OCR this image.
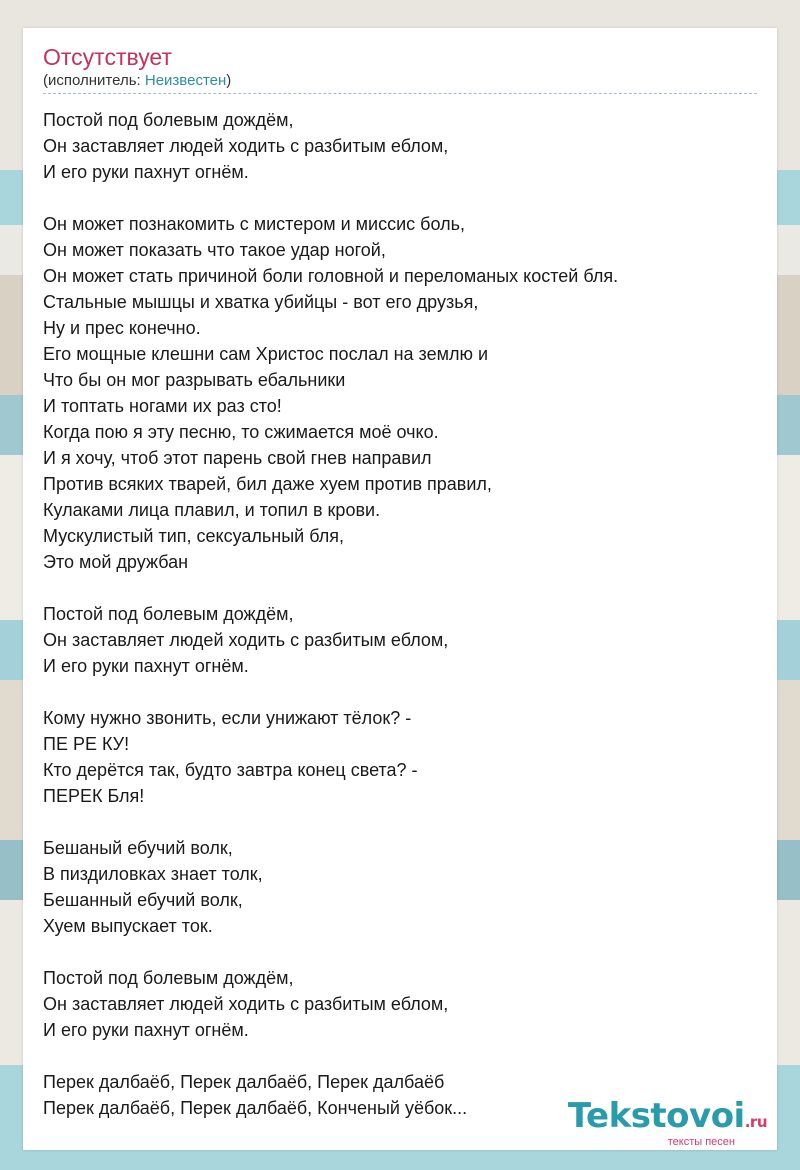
Отсутствует
(исполнитель: Неизвестен)
Постой под болевым дождём,
Он заставляет людей ходить с разбитым еблом,
И его руки пахнут огнём.
Он может познакомить с мистером и миссис боль,
Он может показать что такое удар ногой,
Он может стать причиной боли головной и переломаных костей бля.
Стальные мышцы и хватка убийцы - вот его друзья,
Ну и прес конечно.
Его мощные клешни сам Христос послал на землю и
Что бы он мог разрывать ебальники
И топтать ногами их раз сто!
Когда пою я эту песню, то сжимается моё очко.
И я хочу, чтоб этот парень свой гнев направил
Против всяких тварей, бил даже хуем против правил,
Кулаками лица плавил, и топил в крови.
Мускулистый тип, сексуальный бля,
Это мой дружбан
Постой под болевым дождём,
Он заставляет людей ходить с разбитым еблом,
И его руки пахнут огнём.
Кому нужно звонить, если унижают тёлок? -
ПЕ РЕ КУ!
Кто дерётся так, будто завтра конец света? -
ПЕРЕК Бля!
Бешаный ебучий волк,
В пиздиловках знает толк,
Бешанный ебучий волк,
Хуем выпускает ток.
Постой под болевым дождём,
Он заставляет людей ходить с разбитым еблом,
И его руки пахнут огнём.
Перек далбаёб, Перек далбаёб, Перек далбаёб
Перек далбаёб, Перек далбаёб, Конченый уёбок...	Tekstovoi.ru
тексты песен
